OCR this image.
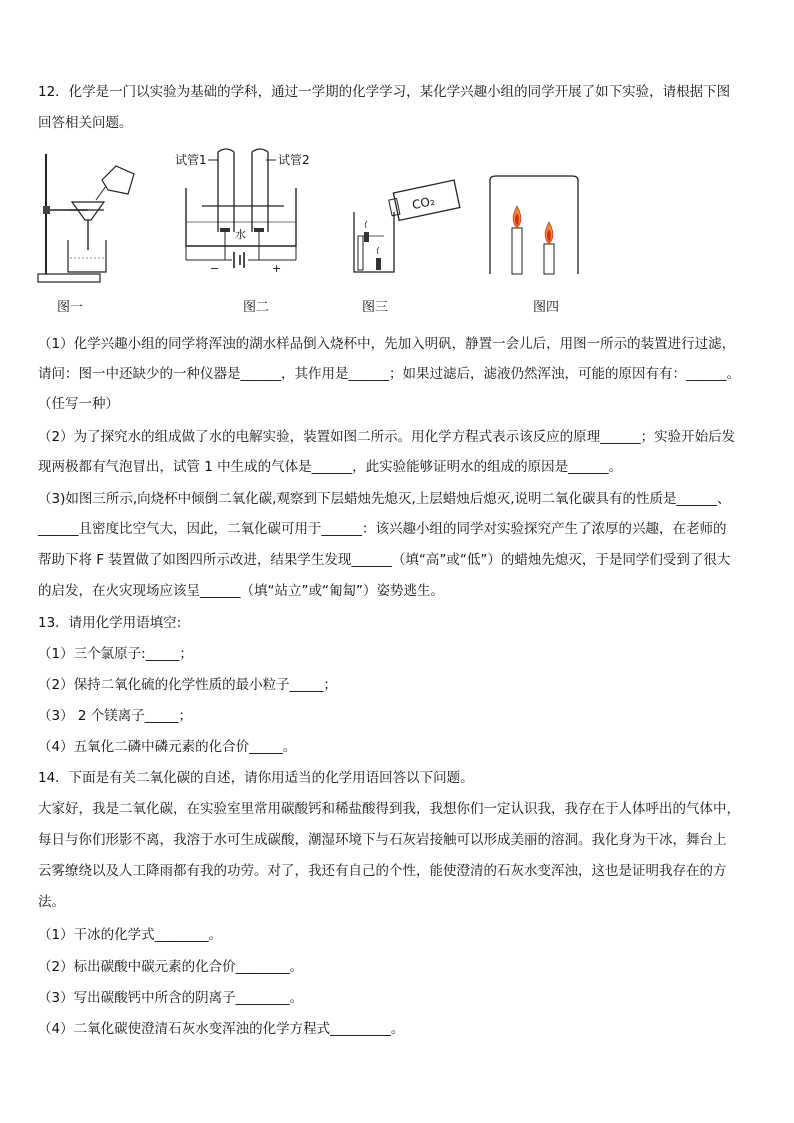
12．化学是一门以实验为基础的学科，通过一学期的化学学习，某化学兴趣小组的同学开展了如下实验，请根据下图
回答相关问题。
图一
试管1	试管2
水
−	+
图二
CO₂
图三	图四
（1）化学兴趣小组的同学将浑浊的湖水样品倒入烧杯中，先加入明矾，静置一会儿后，用图一所示的装置进行过滤，
请问：图一中还缺少的一种仪器是______，其作用是______；如果过滤后，滤液仍然浑浊，可能的原因有有：______。
（任写一种）
（2）为了探究水的组成做了水的电解实验，装置如图二所示。用化学方程式表示该反应的原理______；实验开始后发
现两极都有气泡冒出，试管 1 中生成的气体是______，此实验能够证明水的组成的原因是______。
（3)如图三所示,向烧杯中倾倒二氧化碳,观察到下层蜡烛先熄灭,上层蜡烛后熄灭,说明二氧化碳具有的性质是______、
______且密度比空气大，因此，二氧化碳可用于______：该兴趣小组的同学对实验探究产生了浓厚的兴趣，在老师的
帮助下将 F 装置做了如图四所示改进，结果学生发现______（填“高”或“低”）的蜡烛先熄灭，于是同学们受到了很大
的启发，在火灾现场应该呈______（填“站立”或“匍匐”）姿势逃生。
13．请用化学用语填空:
（1）三个氯原子:_____；
（2）保持二氧化硫的化学性质的最小粒子_____；
（3） 2 个镁离子_____；
（4）五氧化二磷中磷元素的化合价_____。
14．下面是有关二氧化碳的自述，请你用适当的化学用语回答以下问题。
大家好，我是二氧化碳，在实验室里常用碳酸钙和稀盐酸得到我，我想你们一定认识我，我存在于人体呼出的气体中，
每日与你们形影不离，我溶于水可生成碳酸，潮湿环境下与石灰岩接触可以形成美丽的溶洞。我化身为干冰，舞台上
云雾缭绕以及人工降雨都有我的功劳。对了，我还有自己的个性，能使澄清的石灰水变浑浊，这也是证明我存在的方
法。
（1）干冰的化学式________。
（2）标出碳酸中碳元素的化合价________。
（3）写出碳酸钙中所含的阴离子________。
（4）二氧化碳使澄清石灰水变浑浊的化学方程式_________。
